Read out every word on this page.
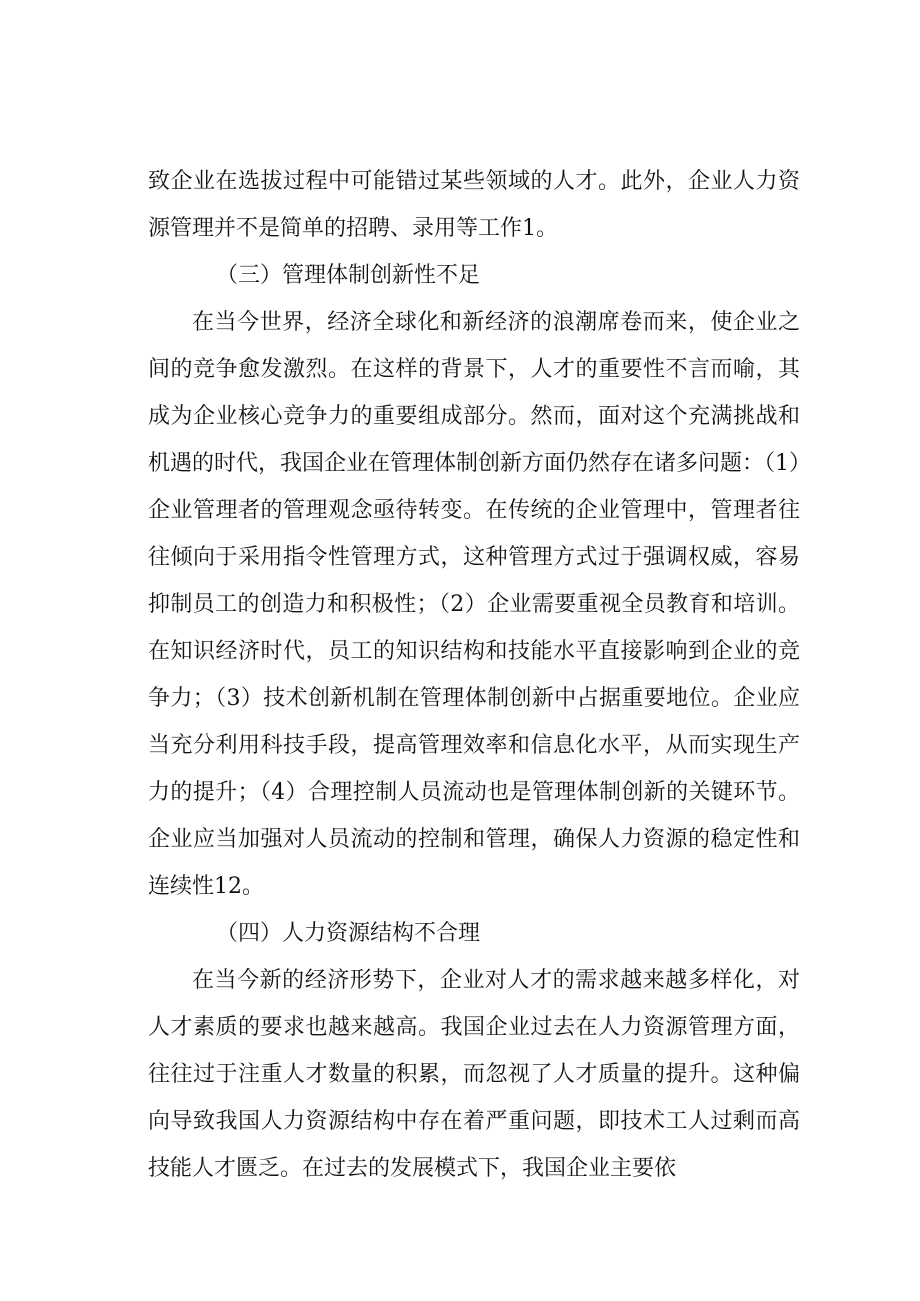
致企业在选拔过程中可能错过某些领域的人才。此外，企业人力资源管理并不是简单的招聘、录用等工作1。

（三）管理体制创新性不足

在当今世界，经济全球化和新经济的浪潮席卷而来，使企业之间的竞争愈发激烈。在这样的背景下，人才的重要性不言而喻，其成为企业核心竞争力的重要组成部分。然而，面对这个充满挑战和机遇的时代，我国企业在管理体制创新方面仍然存在诸多问题：（1）企业管理者的管理观念亟待转变。在传统的企业管理中，管理者往往倾向于采用指令性管理方式，这种管理方式过于强调权威，容易抑制员工的创造力和积极性；（2）企业需要重视全员教育和培训。在知识经济时代，员工的知识结构和技能水平直接影响到企业的竞争力；（3）技术创新机制在管理体制创新中占据重要地位。企业应当充分利用科技手段，提高管理效率和信息化水平，从而实现生产力的提升；（4）合理控制人员流动也是管理体制创新的关键环节。企业应当加强对人员流动的控制和管理，确保人力资源的稳定性和连续性12。

（四）人力资源结构不合理

在当今新的经济形势下，企业对人才的需求越来越多样化，对人才素质的要求也越来越高。我国企业过去在人力资源管理方面，往往过于注重人才数量的积累，而忽视了人才质量的提升。这种偏向导致我国人力资源结构中存在着严重问题，即技术工人过剩而高技能人才匮乏。在过去的发展模式下，我国企业主要依
